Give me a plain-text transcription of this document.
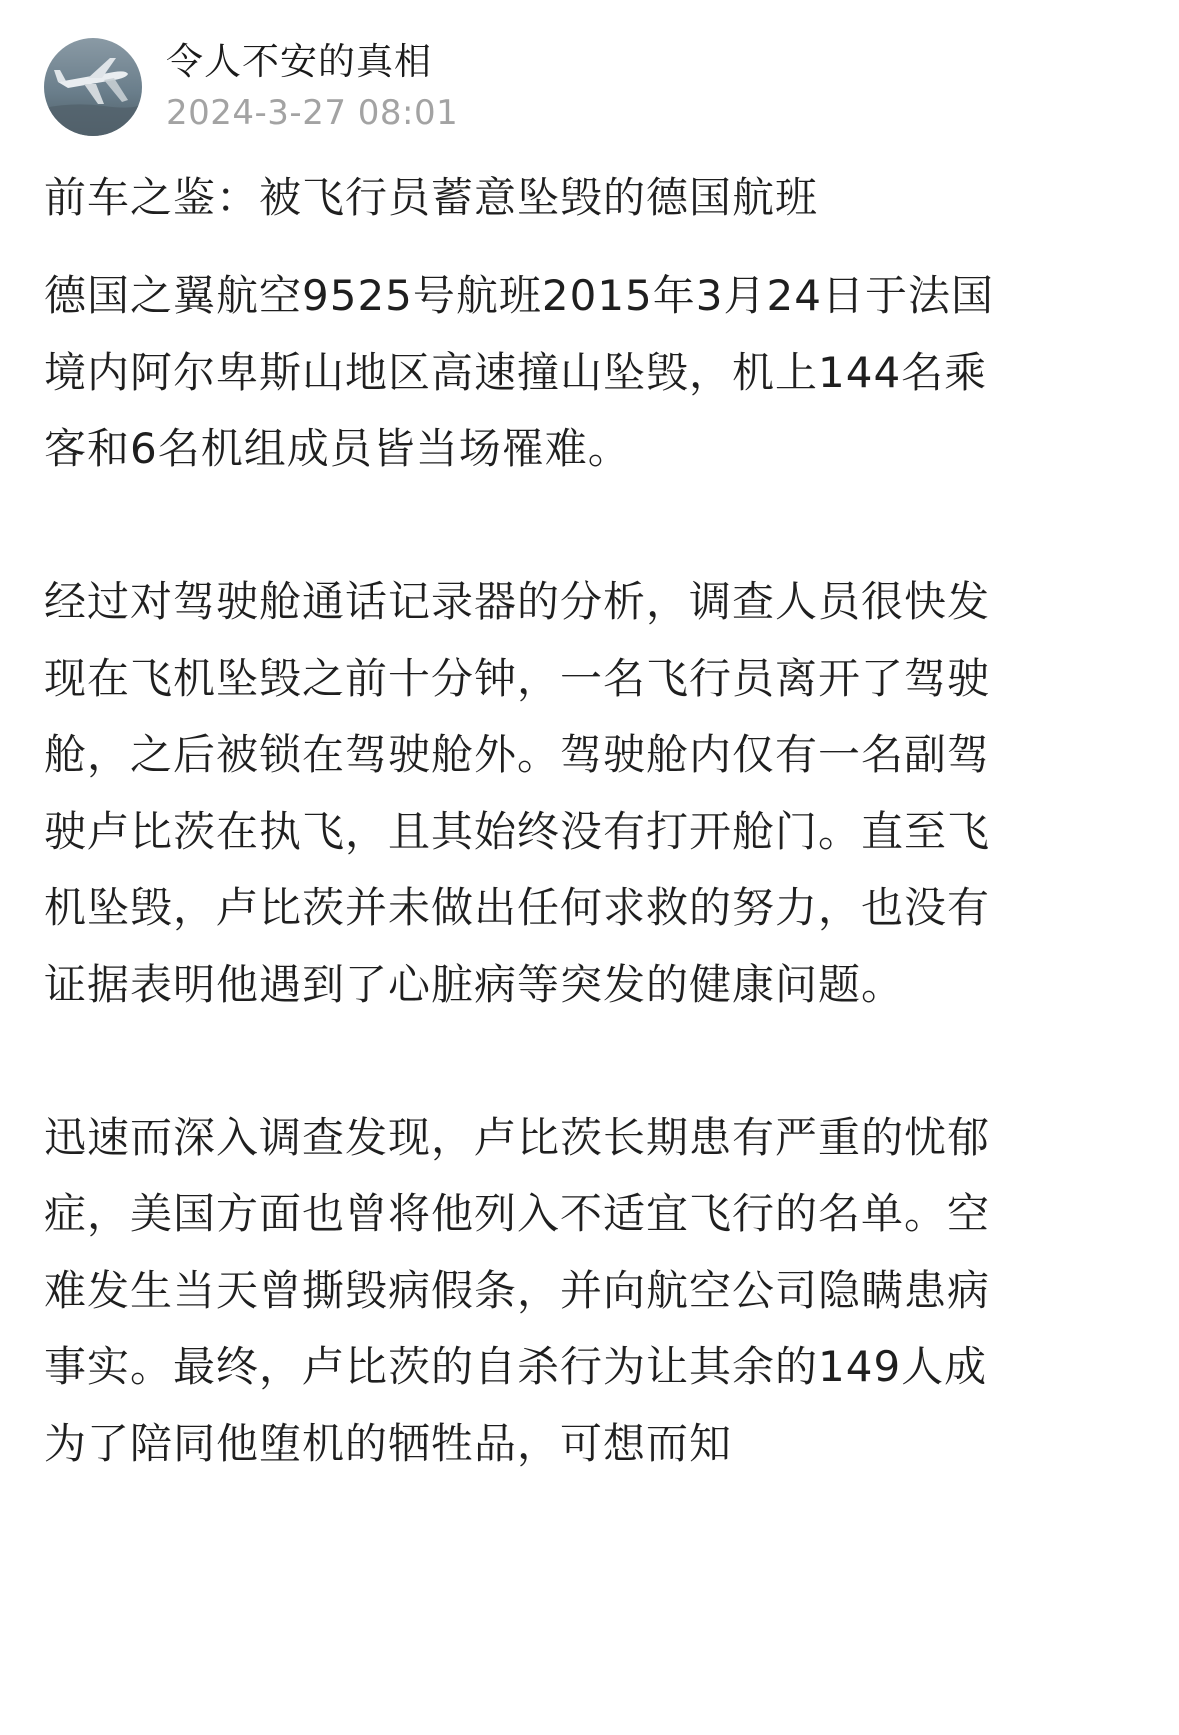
令人不安的真相
2024-3-27 08:01
前车之鉴：被飞行员蓄意坠毁的德国航班

德国之翼航空9525号航班2015年3月24日于法国境内阿尔卑斯山地区高速撞山坠毁，机上144名乘客和6名机组成员皆当场罹难。

经过对驾驶舱通话记录器的分析，调查人员很快发现在飞机坠毁之前十分钟，一名飞行员离开了驾驶舱，之后被锁在驾驶舱外。驾驶舱内仅有一名副驾驶卢比茨在执飞，且其始终没有打开舱门。直至飞机坠毁，卢比茨并未做出任何求救的努力，也没有证据表明他遇到了心脏病等突发的健康问题。

迅速而深入调查发现，卢比茨长期患有严重的忧郁症，美国方面也曾将他列入不适宜飞行的名单。空难发生当天曾撕毁病假条，并向航空公司隐瞒患病事实。最终，卢比茨的自杀行为让其余的149人成为了陪同他堕机的牺牲品，可想而知
